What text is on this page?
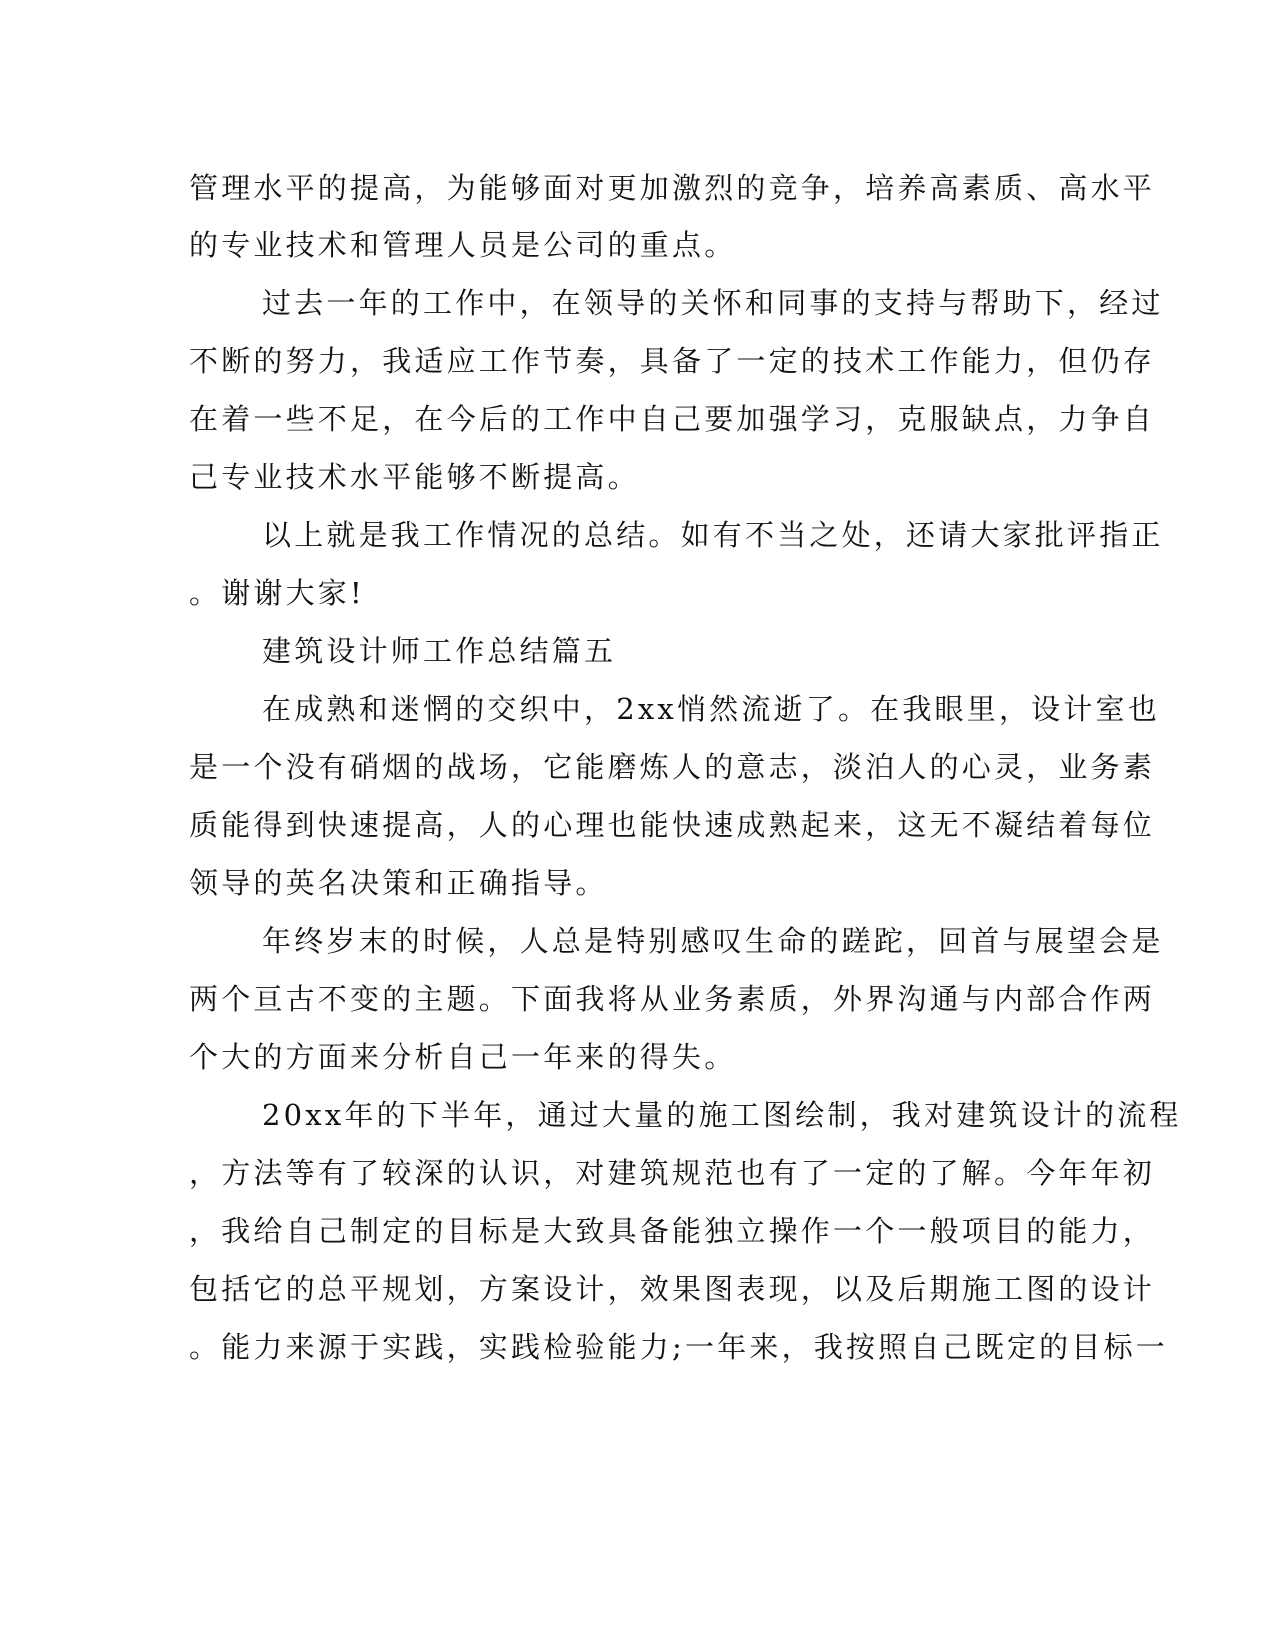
管理水平的提高，为能够面对更加激烈的竞争，培养高素质、高水平
的专业技术和管理人员是公司的重点。
过去一年的工作中，在领导的关怀和同事的支持与帮助下，经过
不断的努力，我适应工作节奏，具备了一定的技术工作能力，但仍存
在着一些不足，在今后的工作中自己要加强学习，克服缺点，力争自
己专业技术水平能够不断提高。
以上就是我工作情况的总结。如有不当之处，还请大家批评指正
。谢谢大家!
建筑设计师工作总结篇五
在成熟和迷惘的交织中，2xx悄然流逝了。在我眼里，设计室也
是一个没有硝烟的战场，它能磨炼人的意志，淡泊人的心灵，业务素
质能得到快速提高，人的心理也能快速成熟起来，这无不凝结着每位
领导的英名决策和正确指导。
年终岁末的时候，人总是特别感叹生命的蹉跎，回首与展望会是
两个亘古不变的主题。下面我将从业务素质，外界沟通与内部合作两
个大的方面来分析自己一年来的得失。
20xx年的下半年，通过大量的施工图绘制，我对建筑设计的流程
，方法等有了较深的认识，对建筑规范也有了一定的了解。今年年初
，我给自己制定的目标是大致具备能独立操作一个一般项目的能力，
包括它的总平规划，方案设计，效果图表现，以及后期施工图的设计
。能力来源于实践，实践检验能力;一年来，我按照自己既定的目标一
